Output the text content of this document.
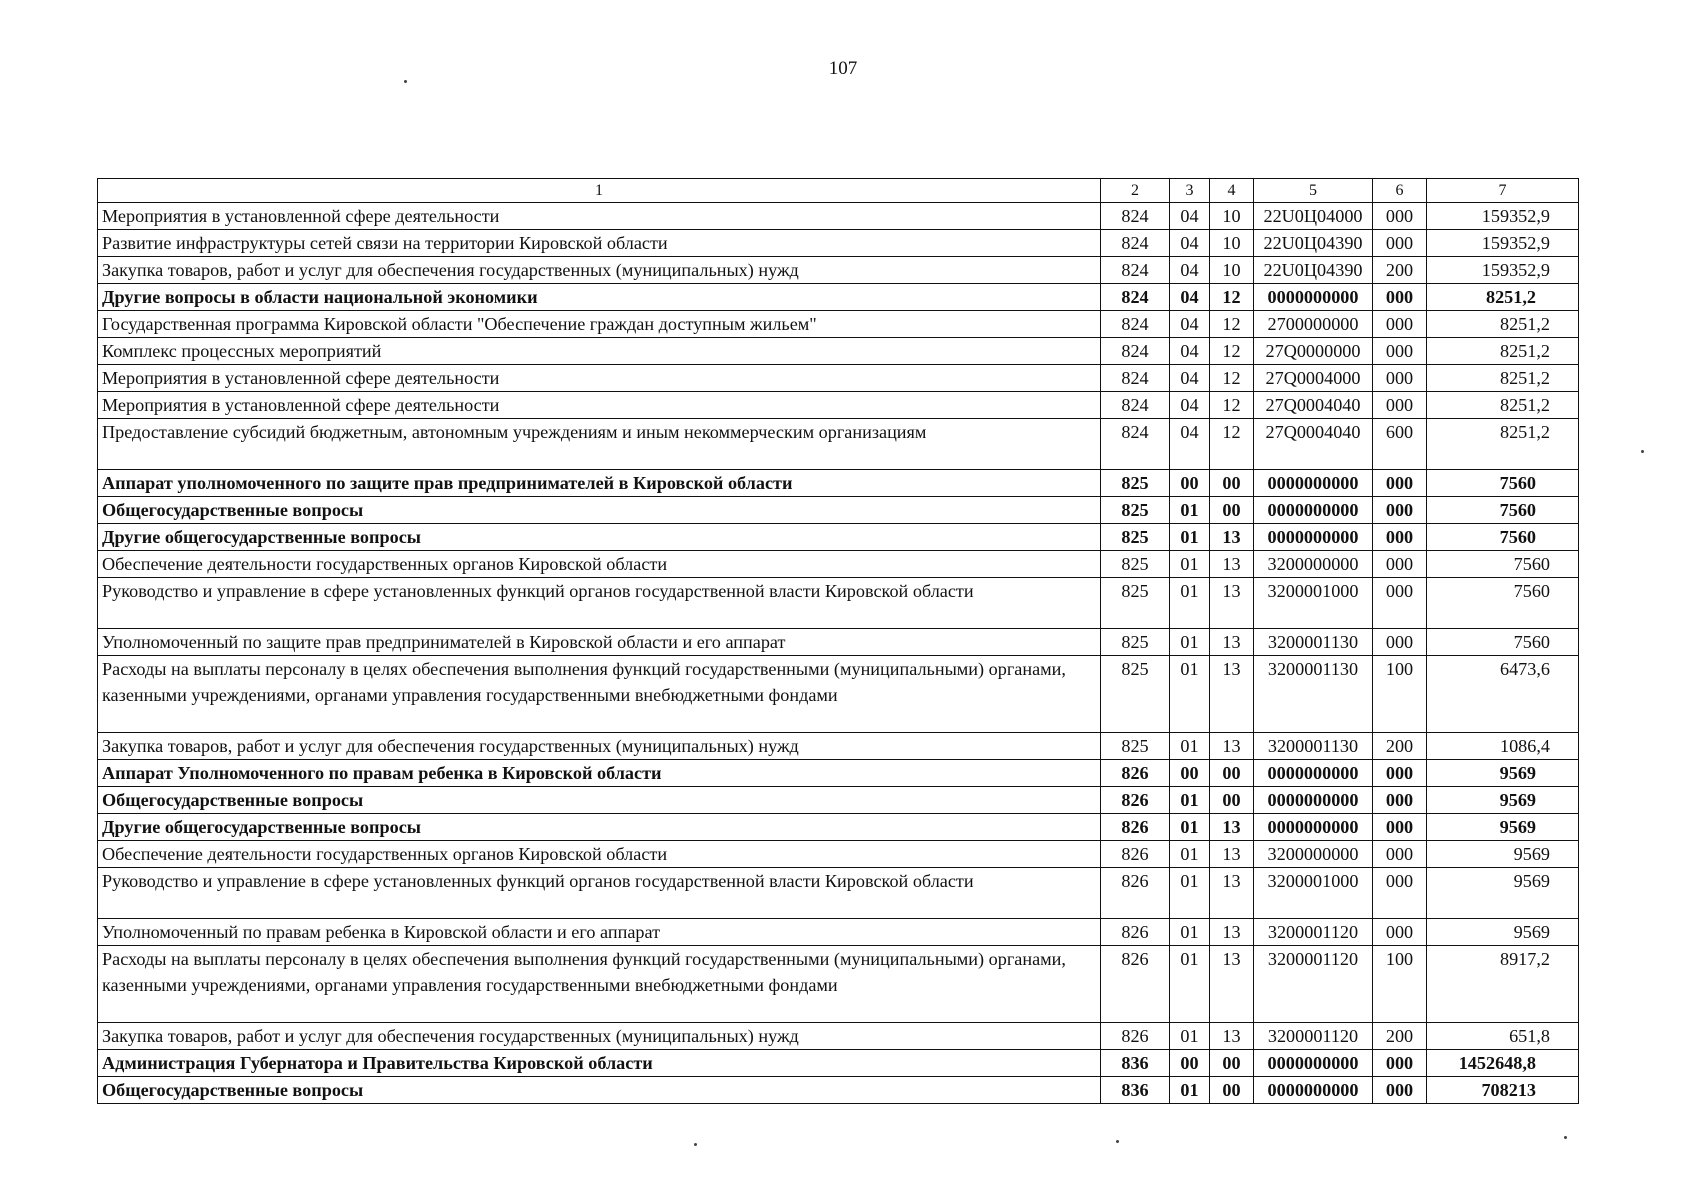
107
1	2	3	4	5	6	7
Мероприятия в установленной сфере деятельности	824	04	10	22U0Ц04000	000	159352,9
Развитие инфраструктуры сетей связи на территории Кировской области	824	04	10	22U0Ц04390	000	159352,9
Закупка товаров, работ и услуг для обеспечения государственных (муниципальных) нужд	824	04	10	22U0Ц04390	200	159352,9
Другие вопросы в области национальной экономики	824	04	12	0000000000	000	8251,2
Государственная программа Кировской области "Обеспечение граждан доступным жильем"	824	04	12	2700000000	000	8251,2
Комплекс процессных мероприятий	824	04	12	27Q0000000	000	8251,2
Мероприятия в установленной сфере деятельности	824	04	12	27Q0004000	000	8251,2
Мероприятия в установленной сфере деятельности	824	04	12	27Q0004040	000	8251,2
Предоставление субсидий бюджетным, автономным учреждениям и иным некоммерческим организациям	824	04	12	27Q0004040	600	8251,2
Аппарат уполномоченного по защите прав предпринимателей в Кировской области	825	00	00	0000000000	000	7560
Общегосударственные вопросы	825	01	00	0000000000	000	7560
Другие общегосударственные вопросы	825	01	13	0000000000	000	7560
Обеспечение деятельности государственных органов Кировской области	825	01	13	3200000000	000	7560
Руководство и управление в сфере установленных функций органов государственной власти Кировской области	825	01	13	3200001000	000	7560
Уполномоченный по защите прав предпринимателей в Кировской области и его аппарат	825	01	13	3200001130	000	7560
Расходы на выплаты персоналу в целях обеспечения выполнения функций государственными (муниципальными) органами, казенными учреждениями, органами управления государственными внебюджетными фондами	825	01	13	3200001130	100	6473,6
Закупка товаров, работ и услуг для обеспечения государственных (муниципальных) нужд	825	01	13	3200001130	200	1086,4
Аппарат Уполномоченного по правам ребенка в Кировской области	826	00	00	0000000000	000	9569
Общегосударственные вопросы	826	01	00	0000000000	000	9569
Другие общегосударственные вопросы	826	01	13	0000000000	000	9569
Обеспечение деятельности государственных органов Кировской области	826	01	13	3200000000	000	9569
Руководство и управление в сфере установленных функций органов государственной власти Кировской области	826	01	13	3200001000	000	9569
Уполномоченный по правам ребенка в Кировской области и его аппарат	826	01	13	3200001120	000	9569
Расходы на выплаты персоналу в целях обеспечения выполнения функций государственными (муниципальными) органами, казенными учреждениями, органами управления государственными внебюджетными фондами	826	01	13	3200001120	100	8917,2
Закупка товаров, работ и услуг для обеспечения государственных (муниципальных) нужд	826	01	13	3200001120	200	651,8
Администрация Губернатора и Правительства Кировской области	836	00	00	0000000000	000	1452648,8
Общегосударственные вопросы	836	01	00	0000000000	000	708213
